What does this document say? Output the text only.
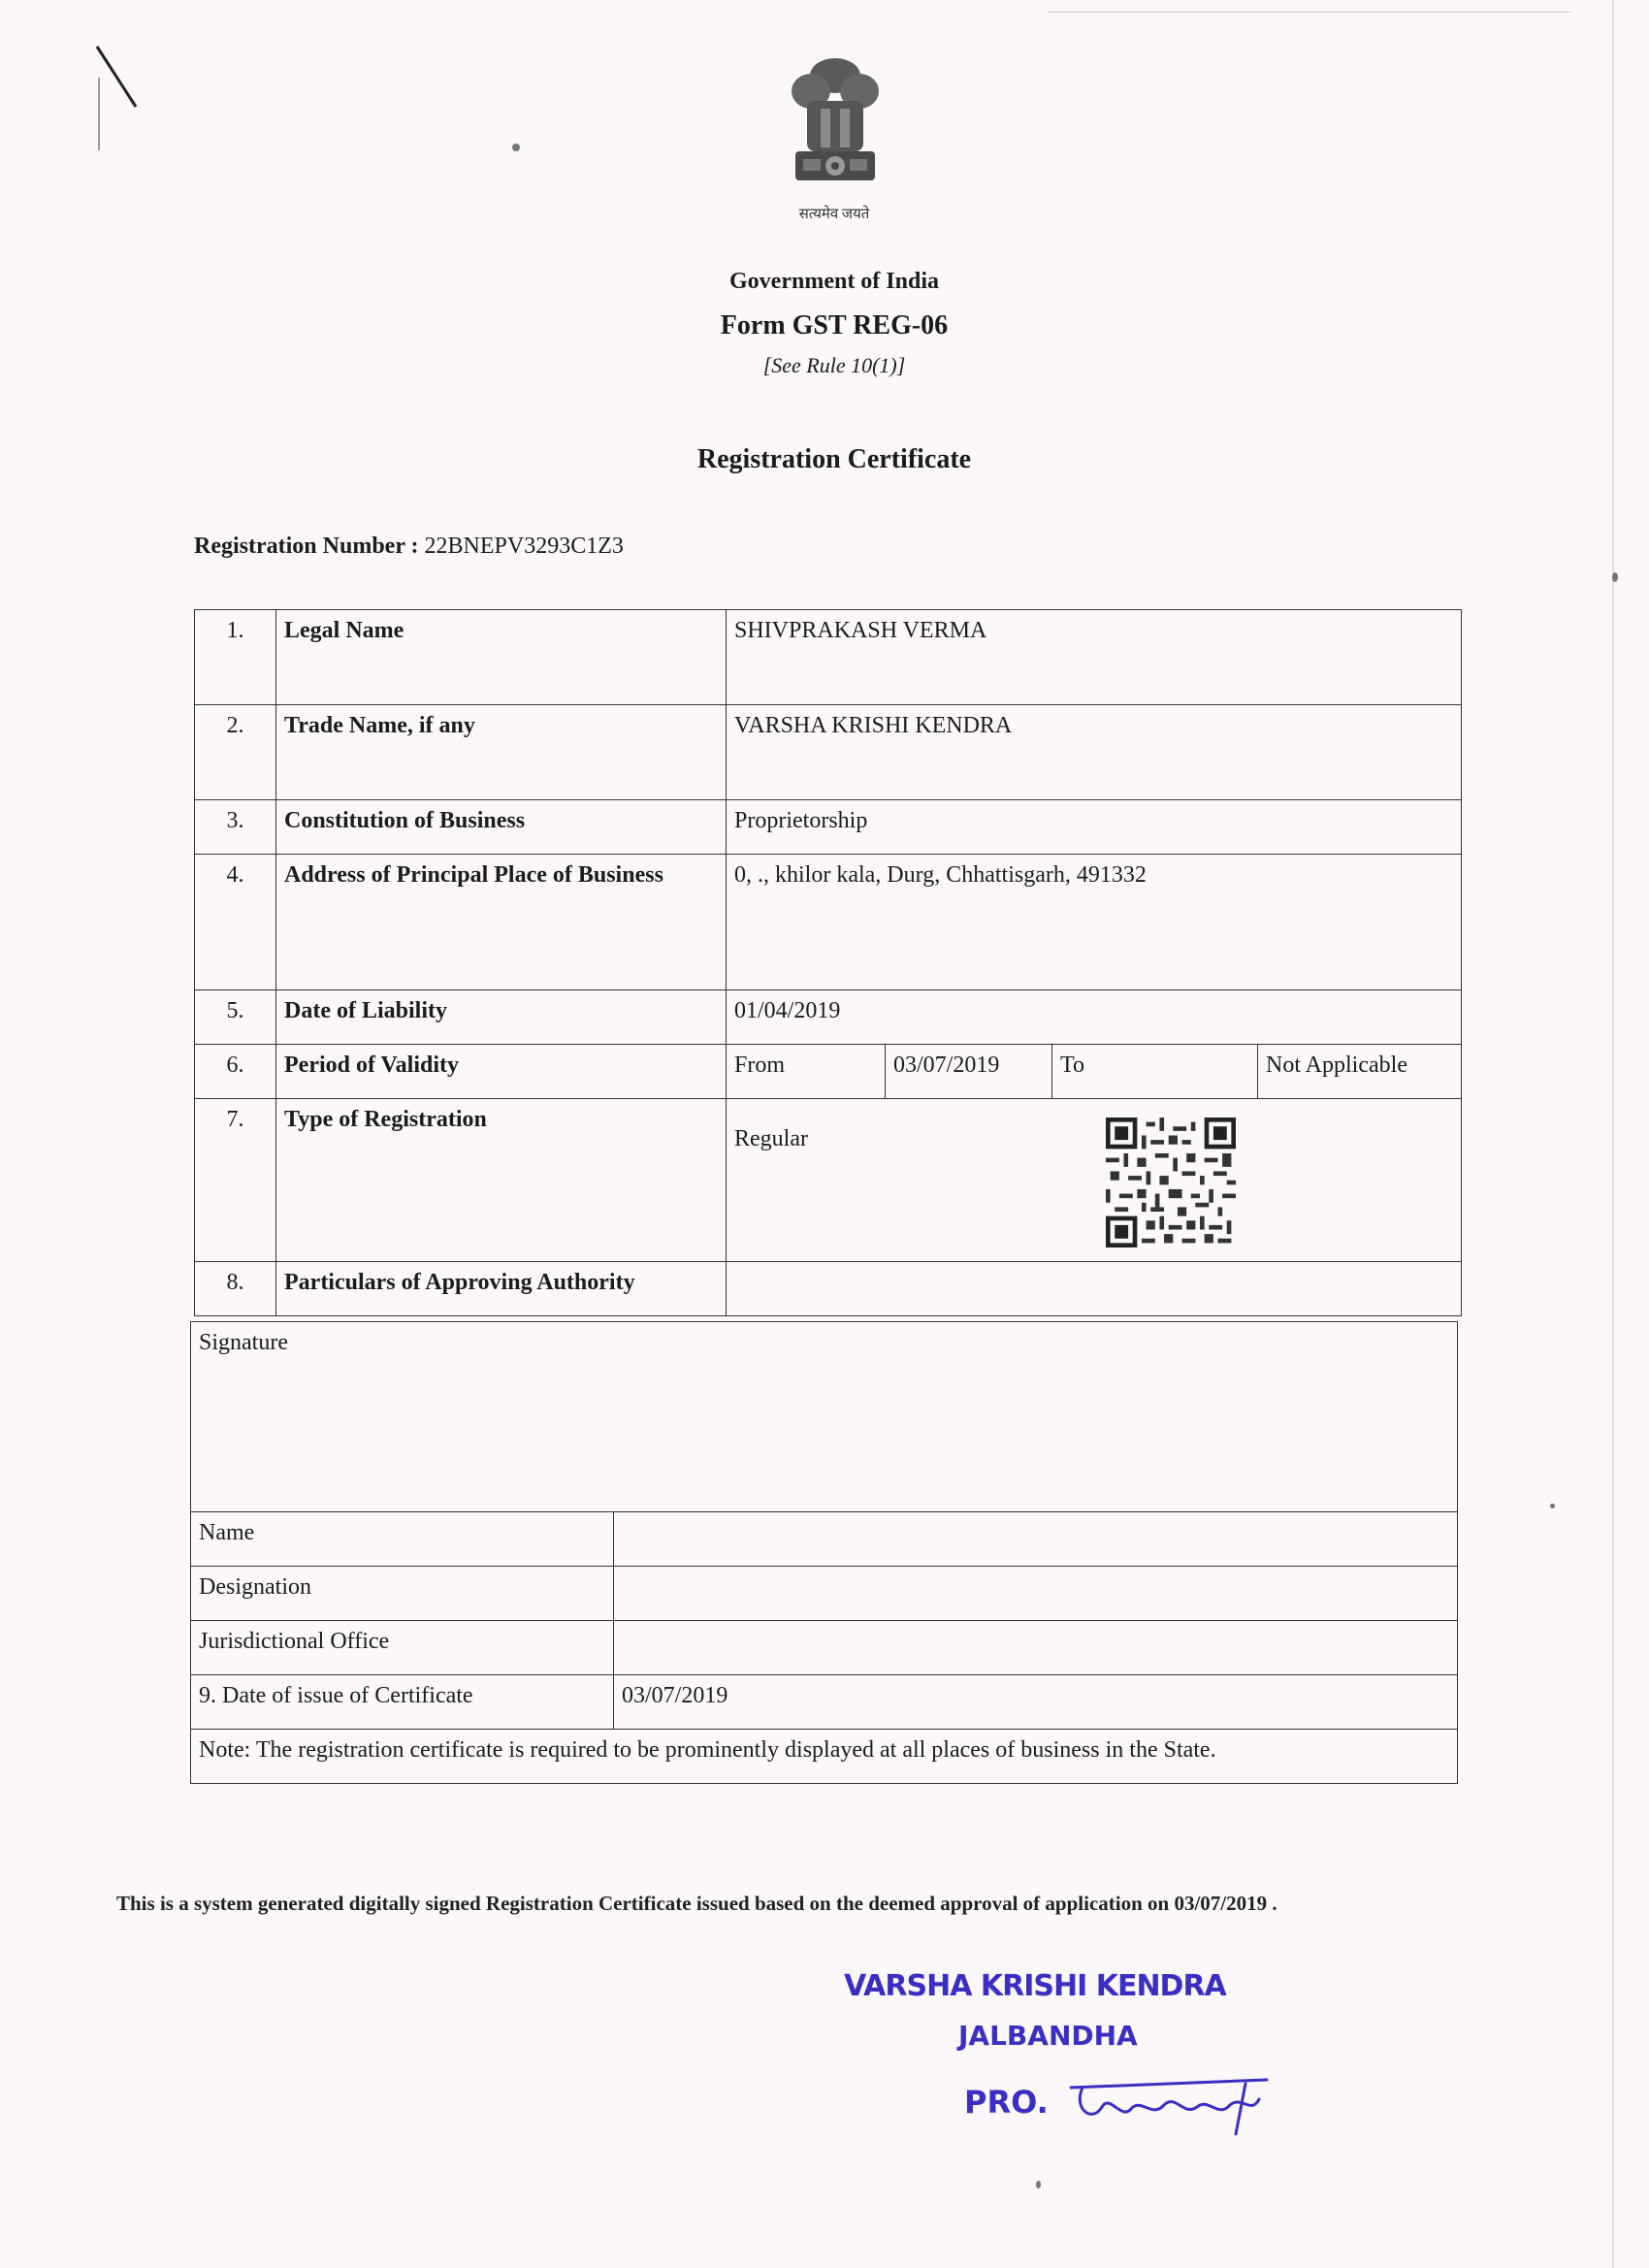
सत्यमेव जयते
Government of India
Form GST REG-06
[See Rule 10(1)]
Registration Certificate
Registration Number : 22BNEPV3293C1Z3
1.	Legal Name	SHIVPRAKASH VERMA			
2.	Trade Name, if any	VARSHA KRISHI KENDRA			
3.	Constitution of Business	Proprietorship			
4.	Address of Principal Place of Business	0, ., khilor kala, Durg, Chhattisgarh, 491332			
5.	Date of Liability	01/04/2019			
6.	Period of Validity	From	03/07/2019	To	Not Applicable
7.	Type of Registration	Regular			
8.	Particulars of Approving Authority				
Signature	
Name	
Designation	
Jurisdictional Office	
9. Date of issue of Certificate	03/07/2019
Note: The registration certificate is required to be prominently displayed at all places of business in the State.	
This is a system generated digitally signed Registration Certificate issued based on the deemed approval of application on 03/07/2019 .
VARSHA KRISHI KENDRA
JALBANDHA
PRO.
